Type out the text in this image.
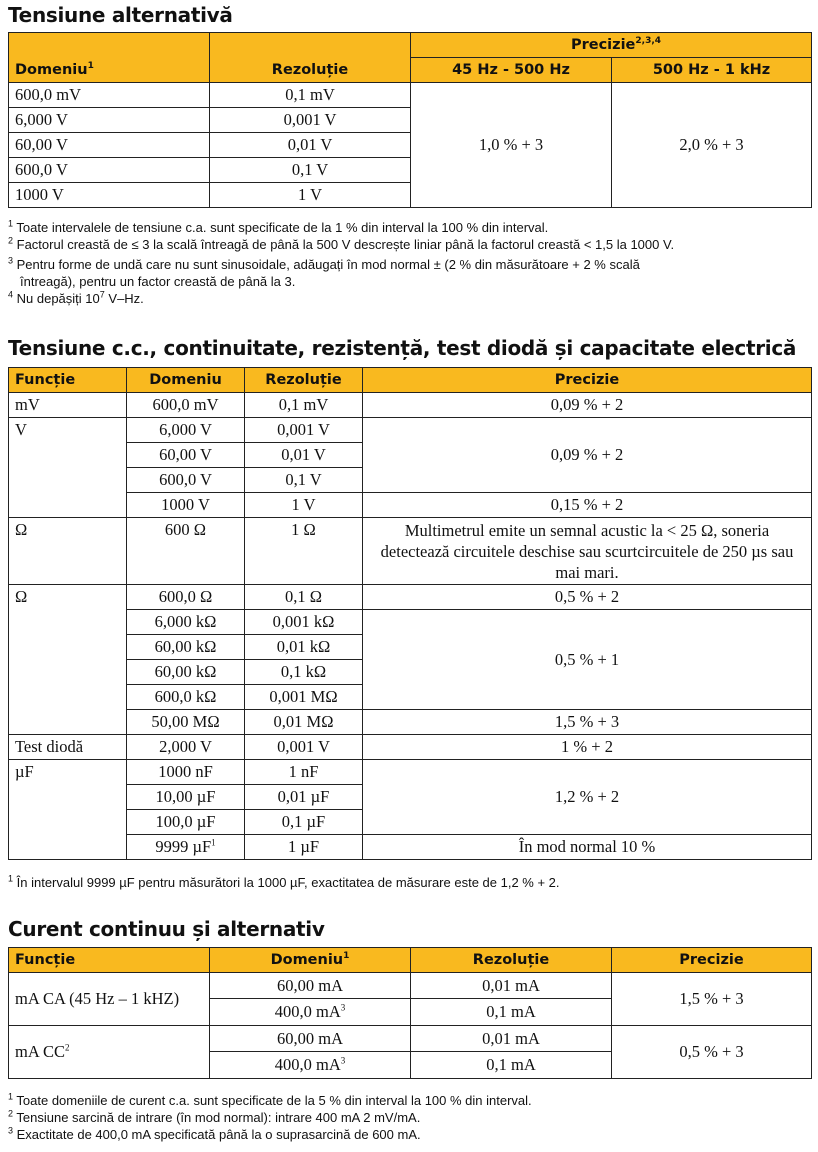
Tensiune alternativă
Domeniu$^1$	Rezoluție	Precizie$^{2,3,4}$
		45 Hz - 500 Hz	500 Hz - 1 kHz
600,0 mV	0,1 mV	1,0 % + 3	2,0 % + 3
6,000 V	0,001 V		
60,00 V	0,01 V		
600,0 V	0,1 V		
1000 V	1 V		

$^1$ Toate intervalele de tensiune c.a. sunt specificate de la 1 % din interval la 100 % din interval.

$^2$ Factorul creastă de ≤ 3 la scală întreagă de până la 500 V descrește liniar până la factorul creastă < 1,5 la 1000 V.

$^3$ Pentru forme de undă care nu sunt sinusoidale, adăugați în mod normal ± (2 % din măsurătoare + 2 % scală

întreagă), pentru un factor creastă de până la 3.

$^4$ Nu depășiți $10^7$ V–Hz.

Tensiune c.c., continuitate, rezistență, test diodă și capacitate electrică
Funcție	Domeniu	Rezoluție	Precizie
mV	600,0 mV	0,1 mV	0,09 % + 2
V	6,000 V	0,001 V	0,09 % + 2
	60,00 V	0,01 V	
	600,0 V	0,1 V	
	1000 V	1 V	0,15 % + 2
Ω	600 Ω	1 Ω	Multimetrul emite un semnal acustic la < 25 Ω, soneria detectează circuitele deschise sau scurtcircuitele de 250 µs sau mai mari.
Ω	600,0 Ω	0,1 Ω	0,5 % + 2
	6,000 kΩ	0,001 kΩ	0,5 % + 1
	60,00 kΩ	0,01 kΩ	
	60,00 kΩ	0,1 kΩ	
	600,0 kΩ	0,001 MΩ	
	50,00 MΩ	0,01 MΩ	1,5 % + 3
Test diodă	2,000 V	0,001 V	1 % + 2
µF	1000 nF	1 nF	1,2 % + 2
	10,00 µF	0,01 µF	
	100,0 µF	0,1 µF	
	9999 µF$^1$	1 µF	În mod normal 10 %

$^1$ În intervalul 9999 µF pentru măsurători la 1000 µF, exactitatea de măsurare este de 1,2 % + 2.

Curent continuu și alternativ
Funcție	Domeniu$^1$	Rezoluție	Precizie
mA CA (45 Hz – 1 kHZ)	60,00 mA	0,01 mA	1,5 % + 3
	400,0 $mA^3$	0,1 mA	
mA $CC^2$	60,00 mA	0,01 mA	0,5 % + 3
	400,0 $mA^3$	0,1 mA	

$^1$ Toate domeniile de curent c.a. sunt specificate de la 5 % din interval la 100 % din interval.

$^2$ Tensiune sarcină de intrare (în mod normal): intrare 400 mA 2 mV/mA.

$^3$ Exactitate de 400,0 mA specificată până la o suprasarcină de 600 mA.
